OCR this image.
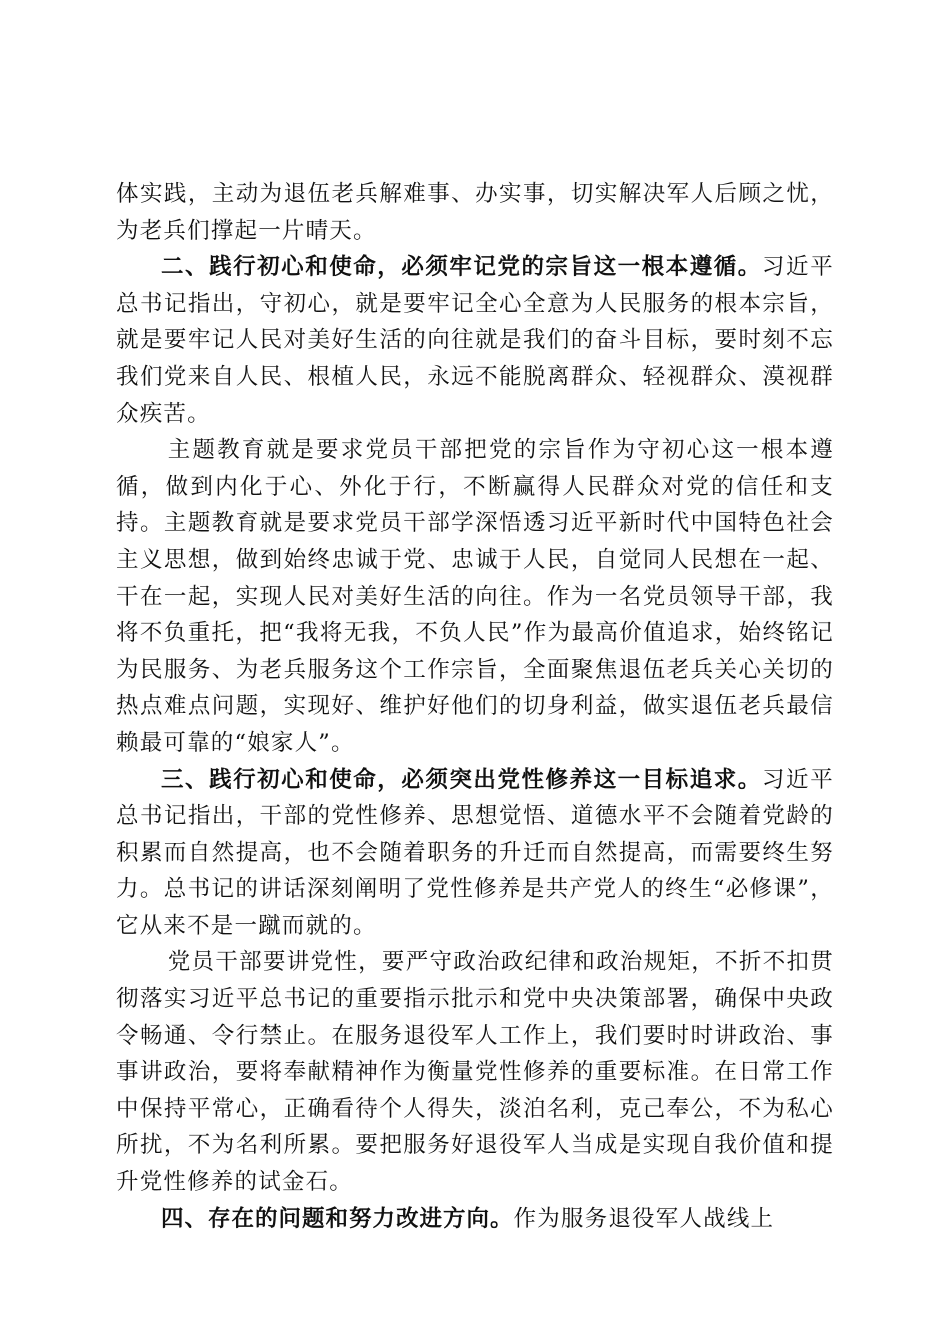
体实践，主动为退伍老兵解难事、办实事，切实解决军人后顾之忧，为老兵们撑起一片晴天。

二、践行初心和使命，必须牢记党的宗旨这一根本遵循。习近平总书记指出，守初心，就是要牢记全心全意为人民服务的根本宗旨，就是要牢记人民对美好生活的向往就是我们的奋斗目标，要时刻不忘我们党来自人民、根植人民，永远不能脱离群众、轻视群众、漠视群众疾苦。

主题教育就是要求党员干部把党的宗旨作为守初心这一根本遵循，做到内化于心、外化于行，不断赢得人民群众对党的信任和支持。主题教育就是要求党员干部学深悟透习近平新时代中国特色社会主义思想，做到始终忠诚于党、忠诚于人民，自觉同人民想在一起、干在一起，实现人民对美好生活的向往。作为一名党员领导干部，我将不负重托，把“我将无我，不负人民”作为最高价值追求，始终铭记为民服务、为老兵服务这个工作宗旨，全面聚焦退伍老兵关心关切的热点难点问题，实现好、维护好他们的切身利益，做实退伍老兵最信赖最可靠的“娘家人”。

三、践行初心和使命，必须突出党性修养这一目标追求。习近平总书记指出，干部的党性修养、思想觉悟、道德水平不会随着党龄的积累而自然提高，也不会随着职务的升迁而自然提高，而需要终生努力。总书记的讲话深刻阐明了党性修养是共产党人的终生“必修课”，它从来不是一蹴而就的。

党员干部要讲党性，要严守政治政纪律和政治规矩，不折不扣贯彻落实习近平总书记的重要指示批示和党中央决策部署，确保中央政令畅通、令行禁止。在服务退役军人工作上，我们要时时讲政治、事事讲政治，要将奉献精神作为衡量党性修养的重要标准。在日常工作中保持平常心，正确看待个人得失，淡泊名利，克己奉公，不为私心所扰，不为名利所累。要把服务好退役军人当成是实现自我价值和提升党性修养的试金石。

四、存在的问题和努力改进方向。作为服务退役军人战线上
